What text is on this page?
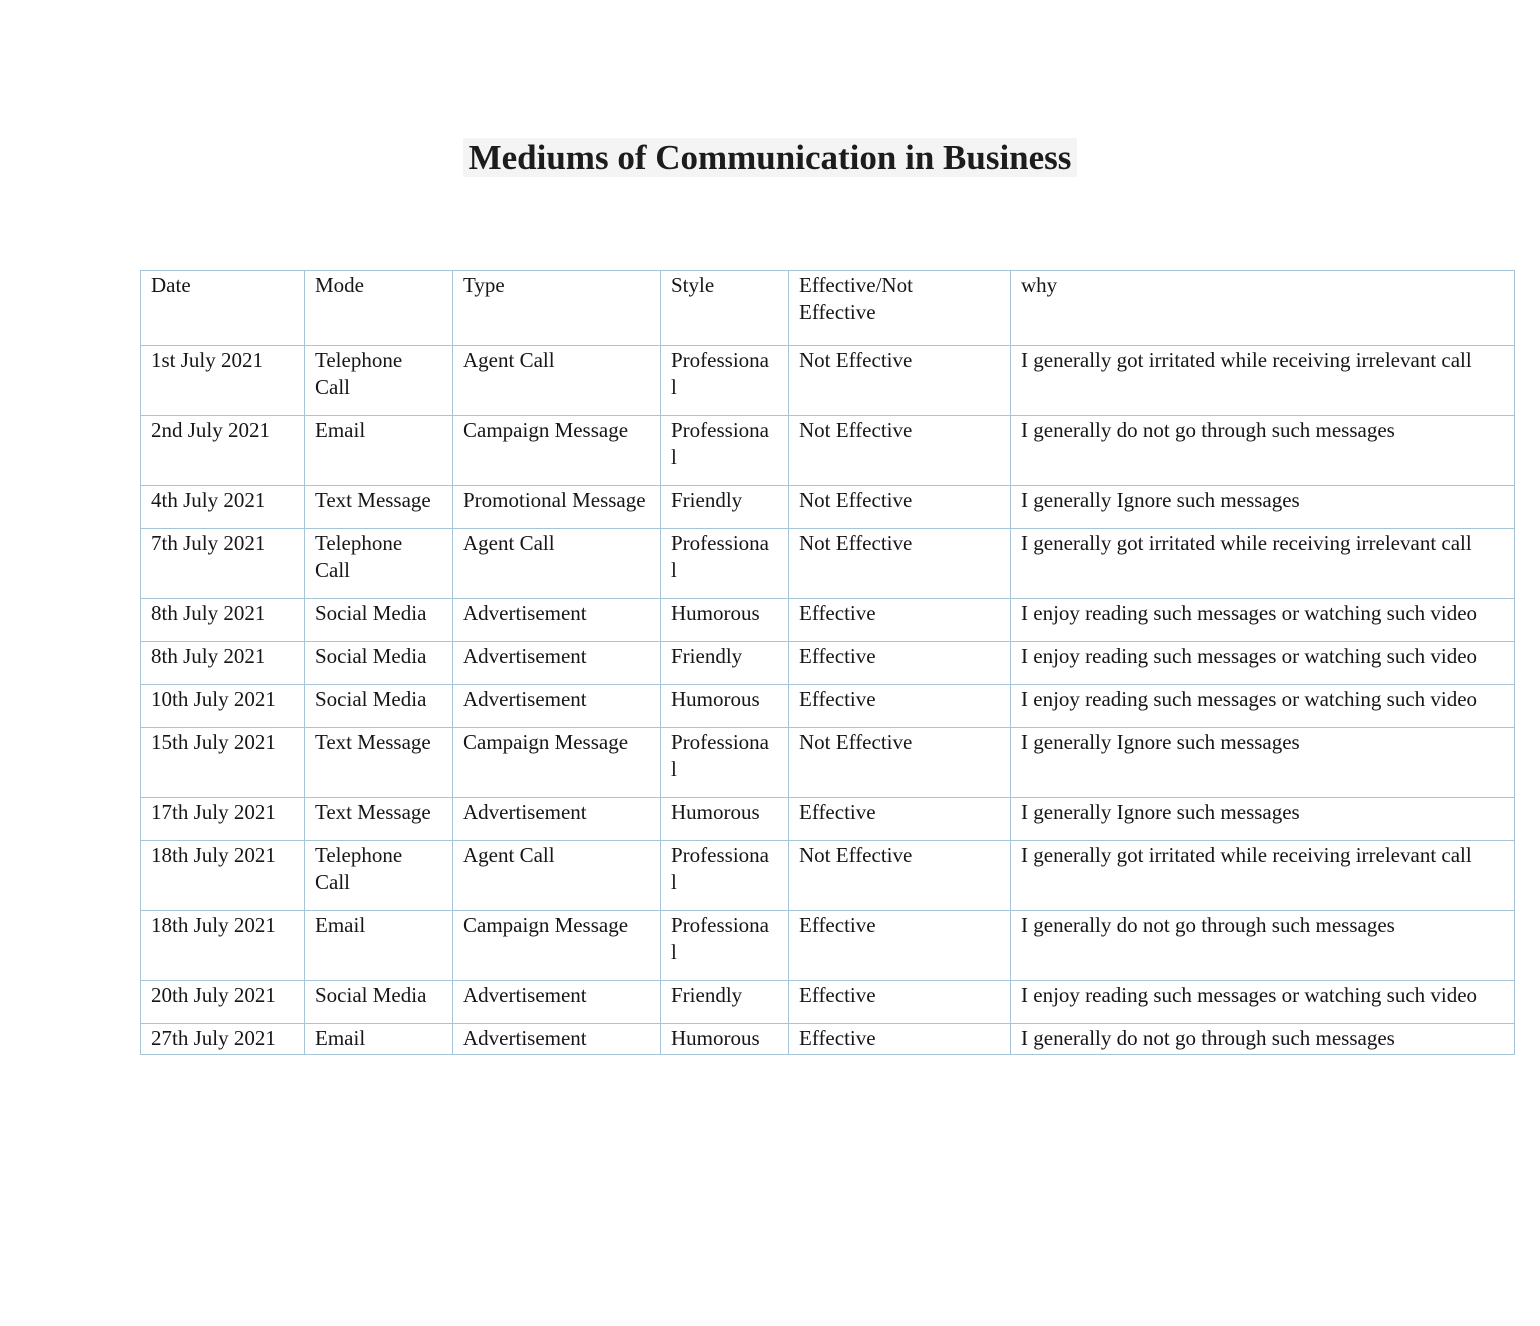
Mediums of Communication in Business
Date	Mode	Type	Style	Effective/Not Effective	why
1st July 2021	Telephone Call	Agent Call	Professional	Not Effective	I generally got irritated while receiving irrelevant call
2nd July 2021	Email	Campaign Message	Professional	Not Effective	I generally do not go through such messages
4th July 2021	Text Message	Promotional Message	Friendly	Not Effective	I generally Ignore such messages
7th July 2021	Telephone Call	Agent Call	Professional	Not Effective	I generally got irritated while receiving irrelevant call
8th July 2021	Social Media	Advertisement	Humorous	Effective	I enjoy reading such messages or watching such video
8th July 2021	Social Media	Advertisement	Friendly	Effective	I enjoy reading such messages or watching such video
10th July 2021	Social Media	Advertisement	Humorous	Effective	I enjoy reading such messages or watching such video
15th July 2021	Text Message	Campaign Message	Professional	Not Effective	I generally Ignore such messages
17th July 2021	Text Message	Advertisement	Humorous	Effective	I generally Ignore such messages
18th July 2021	Telephone Call	Agent Call	Professional	Not Effective	I generally got irritated while receiving irrelevant call
18th July 2021	Email	Campaign Message	Professional	Effective	I generally do not go through such messages
20th July 2021	Social Media	Advertisement	Friendly	Effective	I enjoy reading such messages or watching such video
27th July 2021	Email	Advertisement	Humorous	Effective	I generally do not go through such messages
